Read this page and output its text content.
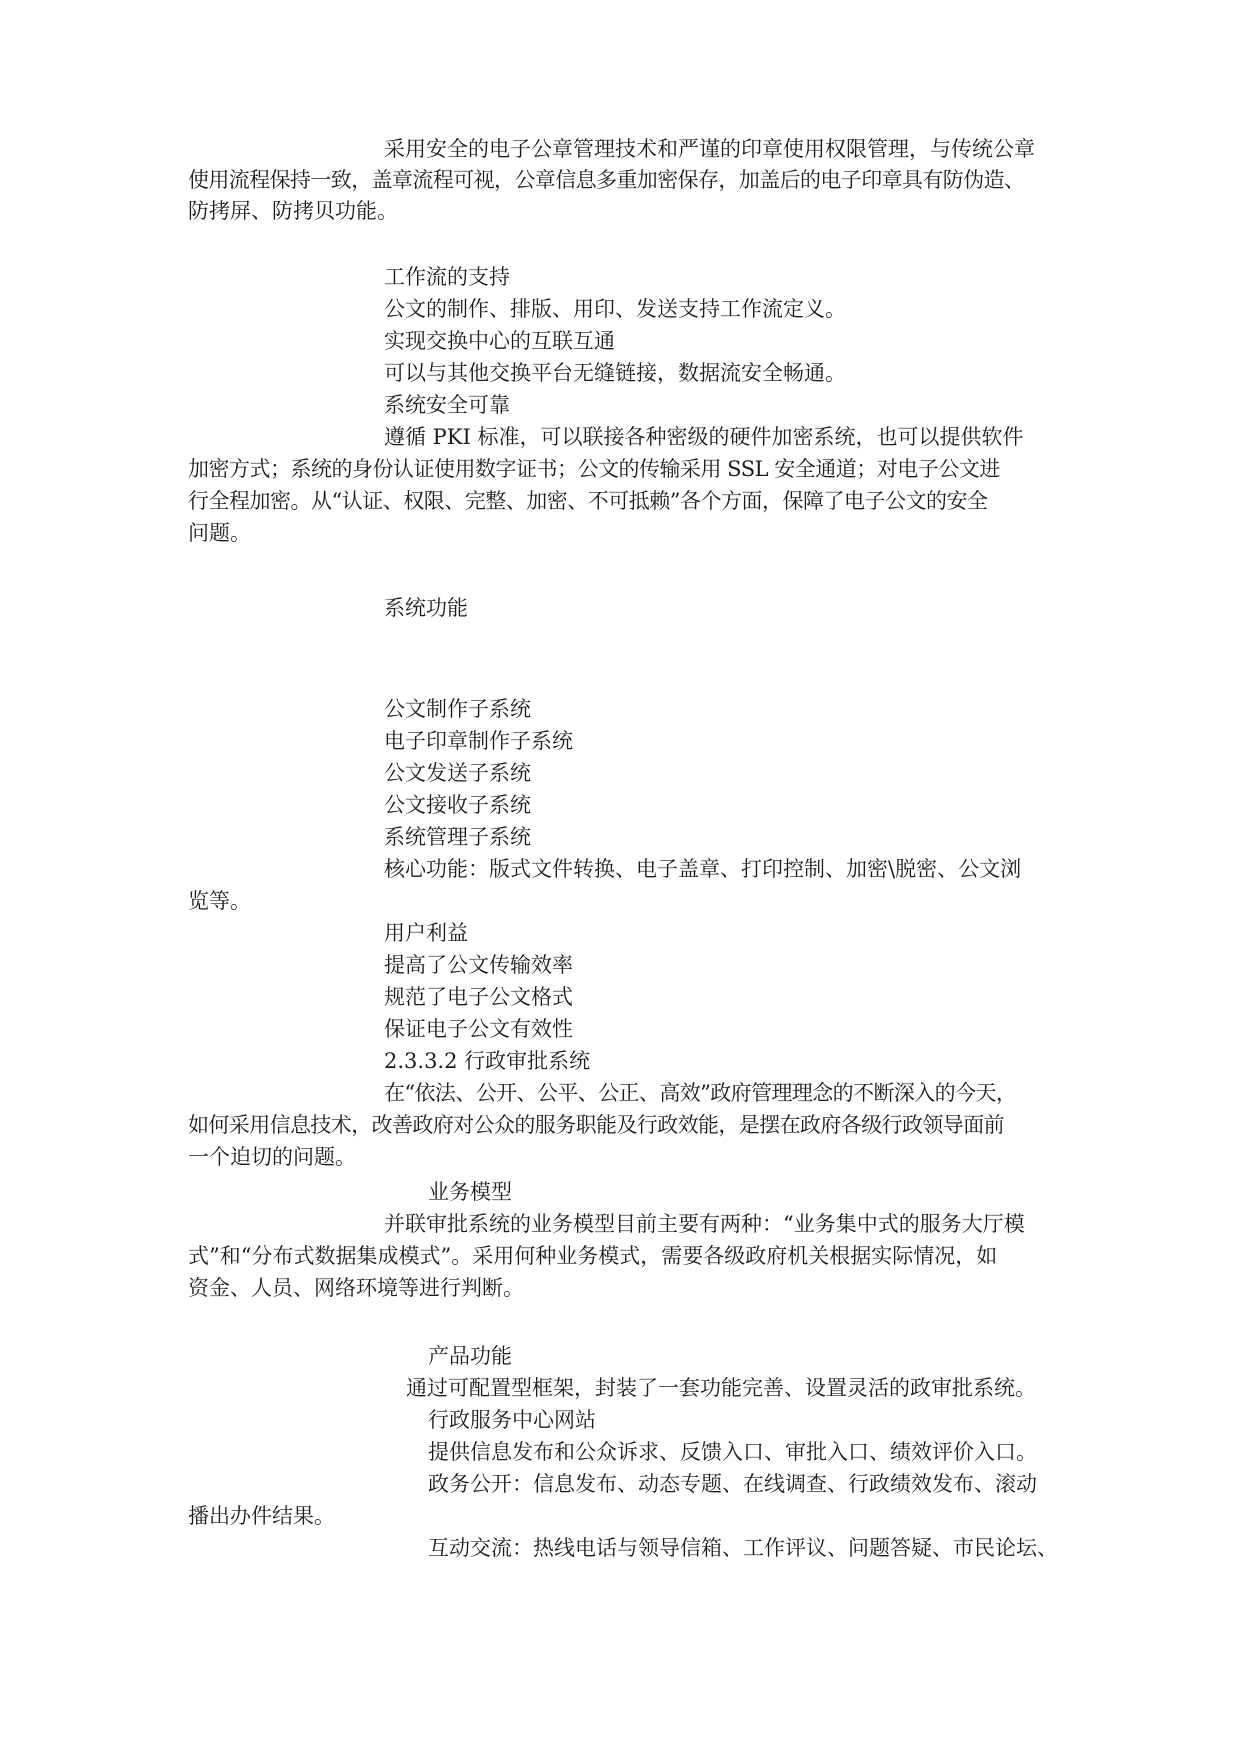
采用安全的电子公章管理技术和严谨的印章使用权限管理，与传统公章

使用流程保持一致，盖章流程可视，公章信息多重加密保存，加盖后的电子印章具有防伪造、

防拷屏、防拷贝功能。

工作流的支持

公文的制作、排版、用印、发送支持工作流定义。

实现交换中心的互联互通

可以与其他交换平台无缝链接，数据流安全畅通。

系统安全可靠

遵循 PKI 标准，可以联接各种密级的硬件加密系统，也可以提供软件

加密方式；系统的身份认证使用数字证书；公文的传输采用 SSL 安全通道；对电子公文进

行全程加密。从“认证、权限、完整、加密、不可抵赖”各个方面，保障了电子公文的安全

问题。

系统功能

公文制作子系统

电子印章制作子系统

公文发送子系统

公文接收子系统

系统管理子系统

核心功能：版式文件转换、电子盖章、打印控制、加密\脱密、公文浏

览等。

用户利益

提高了公文传输效率

规范了电子公文格式

保证电子公文有效性

2.3.3.2 行政审批系统

在“依法、公开、公平、公正、高效”政府管理理念的不断深入的今天，

如何采用信息技术，改善政府对公众的服务职能及行政效能，是摆在政府各级行政领导面前

一个迫切的问题。

业务模型

并联审批系统的业务模型目前主要有两种：“业务集中式的服务大厅模

式”和“分布式数据集成模式”。采用何种业务模式，需要各级政府机关根据实际情况，如

资金、人员、网络环境等进行判断。

产品功能

通过可配置型框架，封装了一套功能完善、设置灵活的政审批系统。

行政服务中心网站

提供信息发布和公众诉求、反馈入口、审批入口、绩效评价入口。

政务公开：信息发布、动态专题、在线调查、行政绩效发布、滚动

播出办件结果。

互动交流：热线电话与领导信箱、工作评议、问题答疑、市民论坛、
